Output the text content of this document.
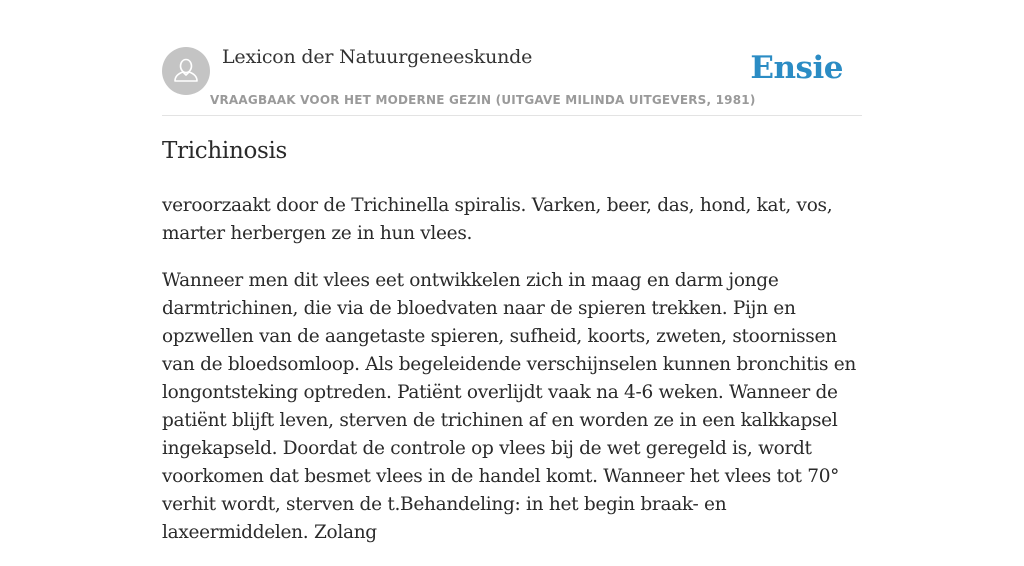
Lexicon der Natuurgeneeskunde
VRAAGBAAK VOOR HET MODERNE GEZIN (UITGAVE MILINDA UITGEVERS, 1981)
Ensie
Trichinosis

veroorzaakt door de Trichinella spiralis. Varken, beer, das, hond, kat, vos, marter herbergen ze in hun vlees.

Wanneer men dit vlees eet ontwikkelen zich in maag en darm jonge darmtrichinen, die via de bloedvaten naar de spieren trekken. Pijn en opzwellen van de aangetaste spieren, sufheid, koorts, zweten, stoornissen van de bloedsomloop. Als begeleidende verschijnselen kunnen bronchitis en longontsteking optreden. Patiënt overlijdt vaak na 4-6 weken. Wanneer de patiënt blijft leven, sterven de trichinen af en worden ze in een kalkkapsel ingekapseld. Doordat de controle op vlees bij de wet geregeld is, wordt voorkomen dat besmet vlees in de handel komt. Wanneer het vlees tot 70° verhit wordt, sterven de t.Behandeling: in het begin braak- en laxeermiddelen. Zolang
